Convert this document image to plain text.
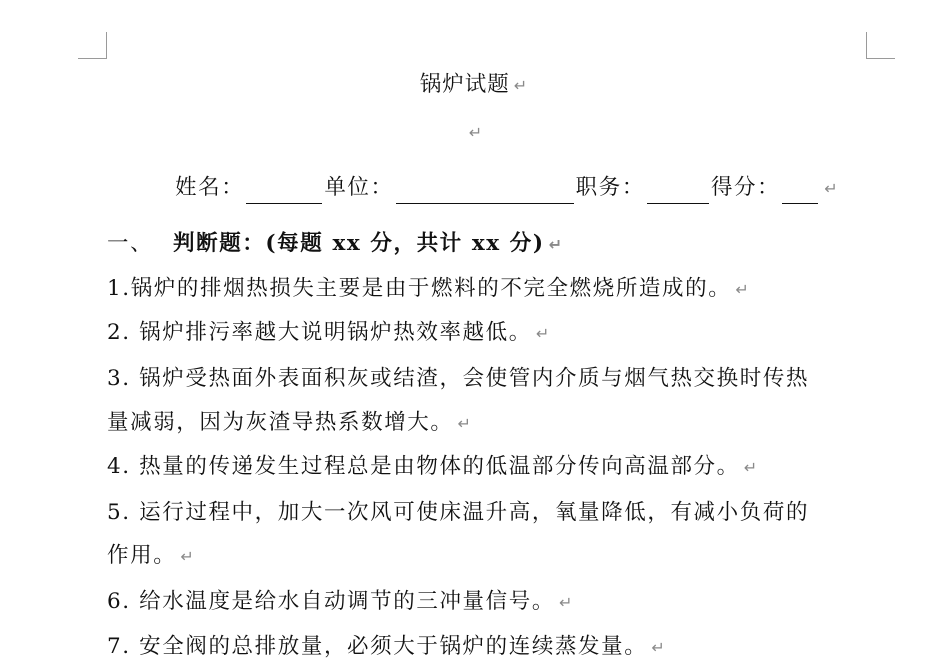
锅炉试题 ↵
↵
姓名：	单位：	职务：	得分：	↵
一、 判断题：(每题 xx 分，共计 xx 分) ↵
1.锅炉的排烟热损失主要是由于燃料的不完全燃烧所造成的。 ↵
2. 锅炉排污率越大说明锅炉热效率越低。 ↵
3. 锅炉受热面外表面积灰或结渣，会使管内介质与烟气热交换时传热
量减弱，因为灰渣导热系数增大。 ↵
4. 热量的传递发生过程总是由物体的低温部分传向高温部分。 ↵
5. 运行过程中，加大一次风可使床温升高，氧量降低，有减小负荷的
作用。 ↵
6. 给水温度是给水自动调节的三冲量信号。 ↵
7. 安全阀的总排放量，必须大于锅炉的连续蒸发量。 ↵
